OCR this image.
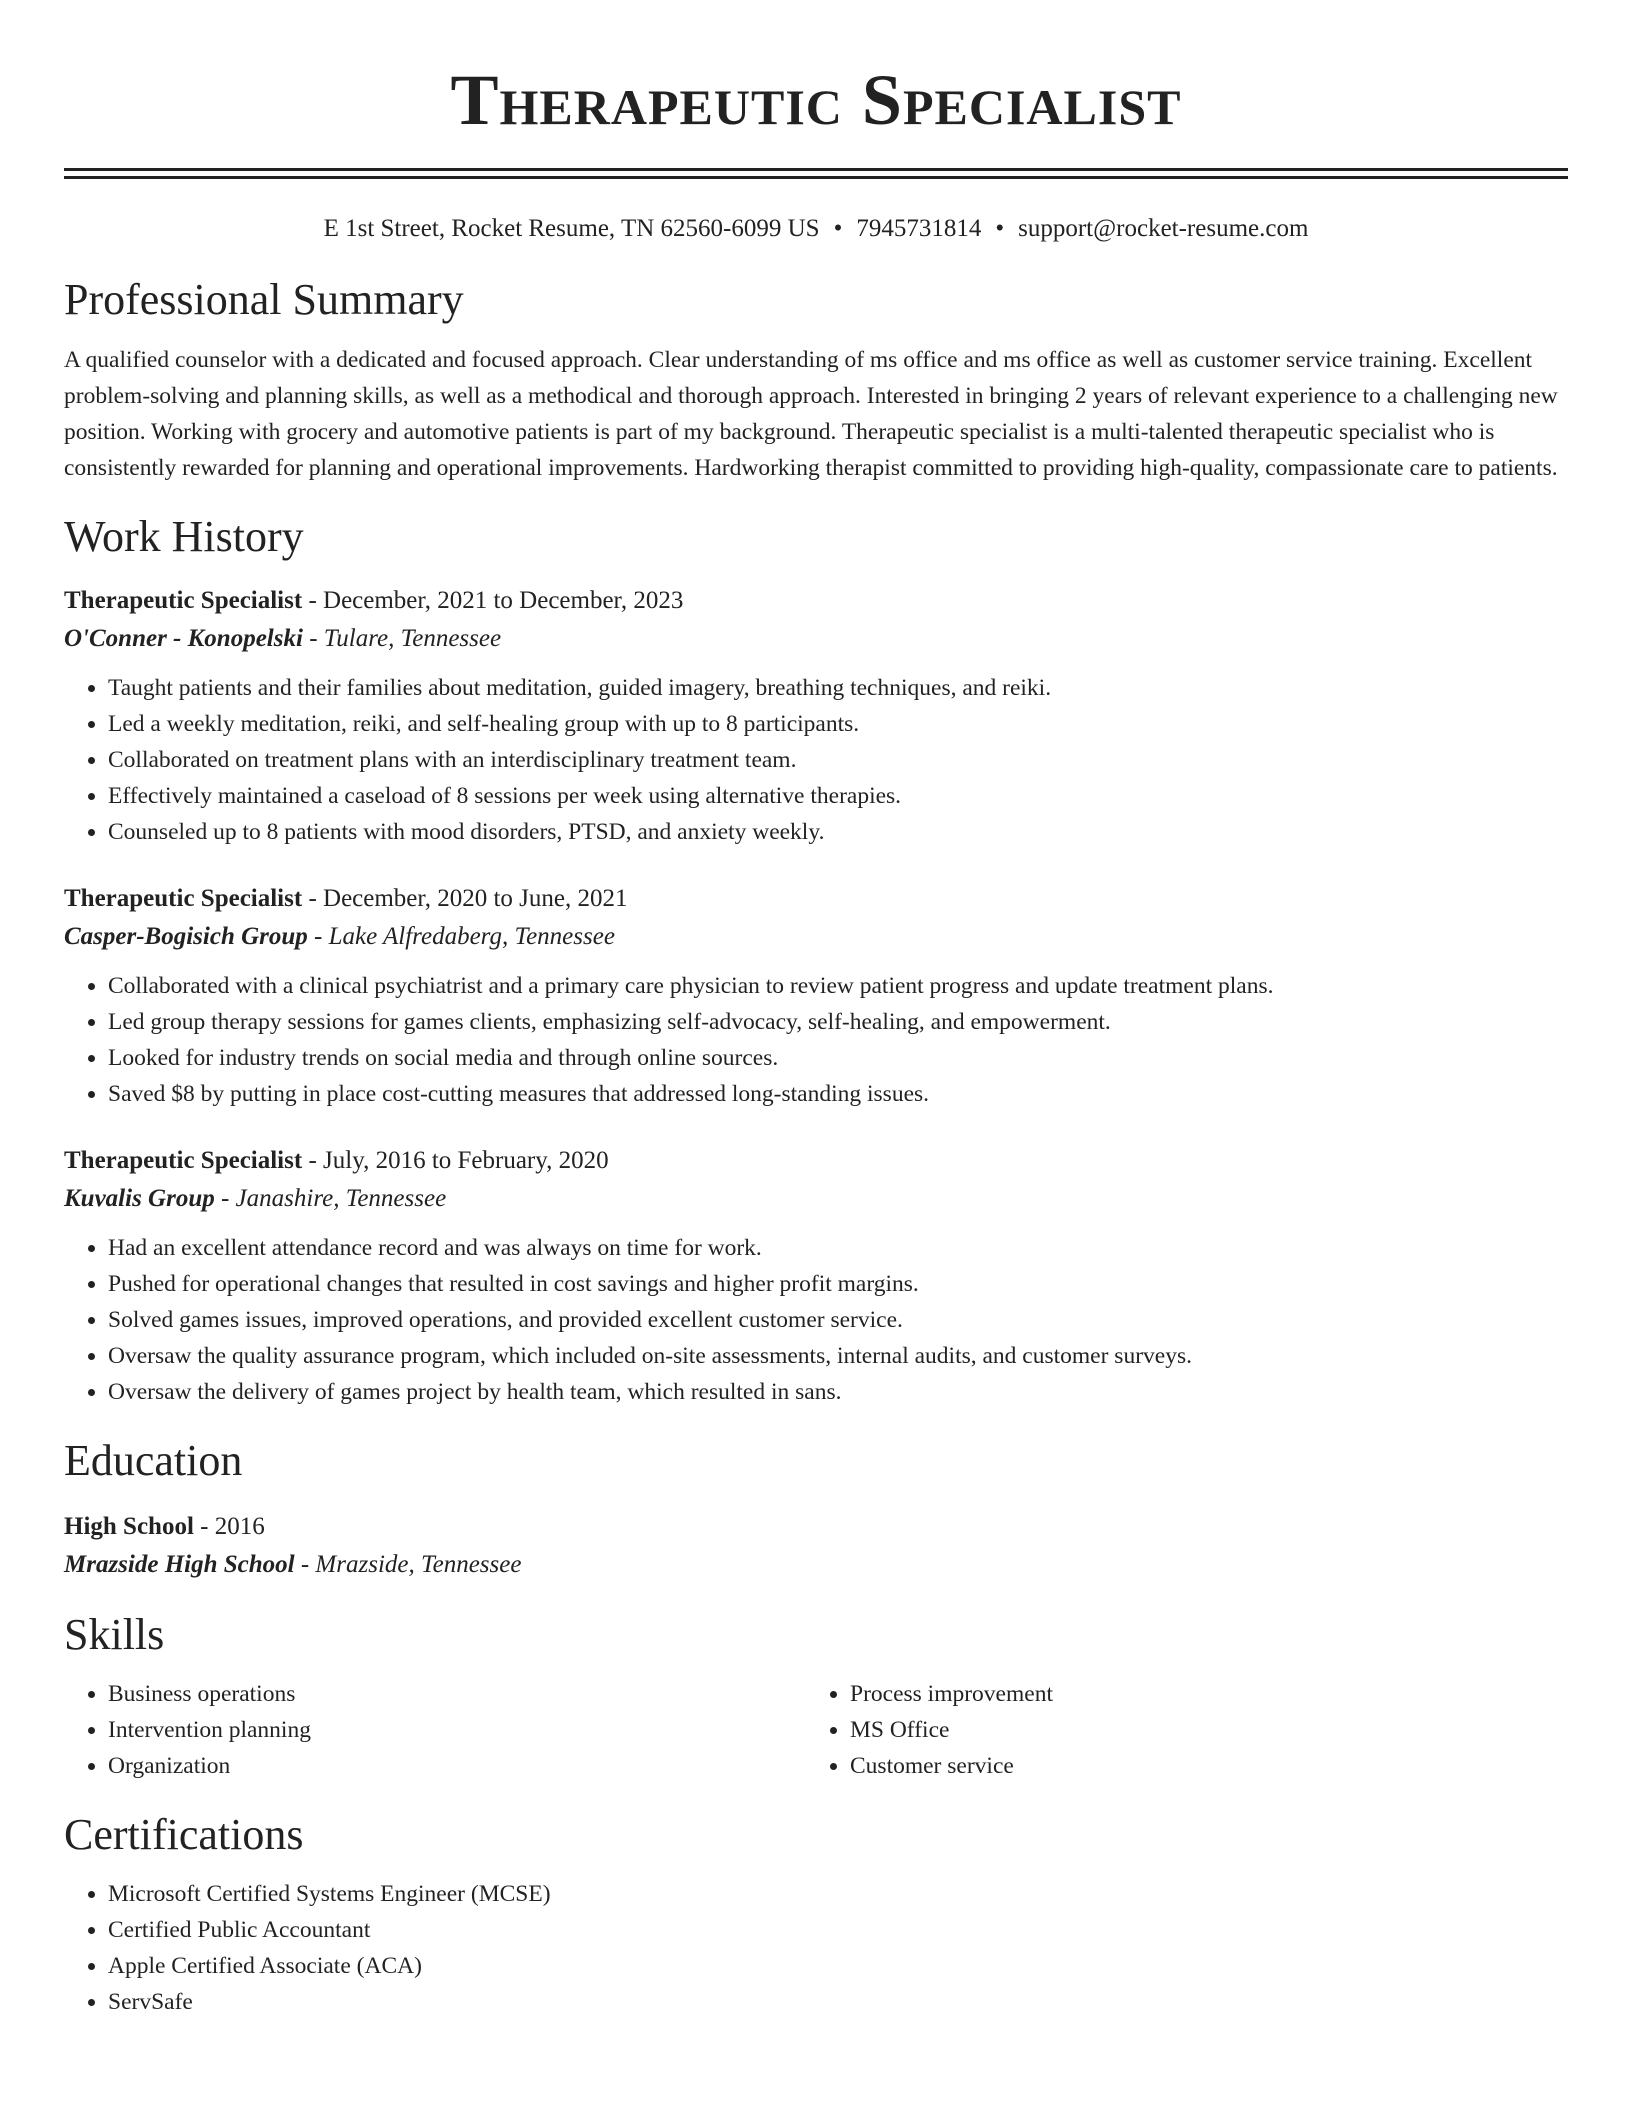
Therapeutic Specialist
E 1st Street, Rocket Resume, TN 62560-6099 US • 7945731814 • support@rocket-resume.com
Professional Summary
A qualified counselor with a dedicated and focused approach. Clear understanding of ms office and ms office as well as customer service training. Excellent problem-solving and planning skills, as well as a methodical and thorough approach. Interested in bringing 2 years of relevant experience to a challenging new position. Working with grocery and automotive patients is part of my background. Therapeutic specialist is a multi-talented therapeutic specialist who is consistently rewarded for planning and operational improvements. Hardworking therapist committed to providing high-quality, compassionate care to patients.
Work History
Therapeutic Specialist - December, 2021 to December, 2023
O'Conner - Konopelski - Tulare, Tennessee
• Taught patients and their families about meditation, guided imagery, breathing techniques, and reiki.
• Led a weekly meditation, reiki, and self-healing group with up to 8 participants.
• Collaborated on treatment plans with an interdisciplinary treatment team.
• Effectively maintained a caseload of 8 sessions per week using alternative therapies.
• Counseled up to 8 patients with mood disorders, PTSD, and anxiety weekly.
Therapeutic Specialist - December, 2020 to June, 2021
Casper-Bogisich Group - Lake Alfredaberg, Tennessee
• Collaborated with a clinical psychiatrist and a primary care physician to review patient progress and update treatment plans.
• Led group therapy sessions for games clients, emphasizing self-advocacy, self-healing, and empowerment.
• Looked for industry trends on social media and through online sources.
• Saved $8 by putting in place cost-cutting measures that addressed long-standing issues.
Therapeutic Specialist - July, 2016 to February, 2020
Kuvalis Group - Janashire, Tennessee
• Had an excellent attendance record and was always on time for work.
• Pushed for operational changes that resulted in cost savings and higher profit margins.
• Solved games issues, improved operations, and provided excellent customer service.
• Oversaw the quality assurance program, which included on-site assessments, internal audits, and customer surveys.
• Oversaw the delivery of games project by health team, which resulted in sans.
Education
High School - 2016
Mrazside High School - Mrazside, Tennessee
Skills
• Business operations
• Intervention planning
• Organization
• Process improvement
• MS Office
• Customer service
Certifications
• Microsoft Certified Systems Engineer (MCSE)
• Certified Public Accountant
• Apple Certified Associate (ACA)
• ServSafe
